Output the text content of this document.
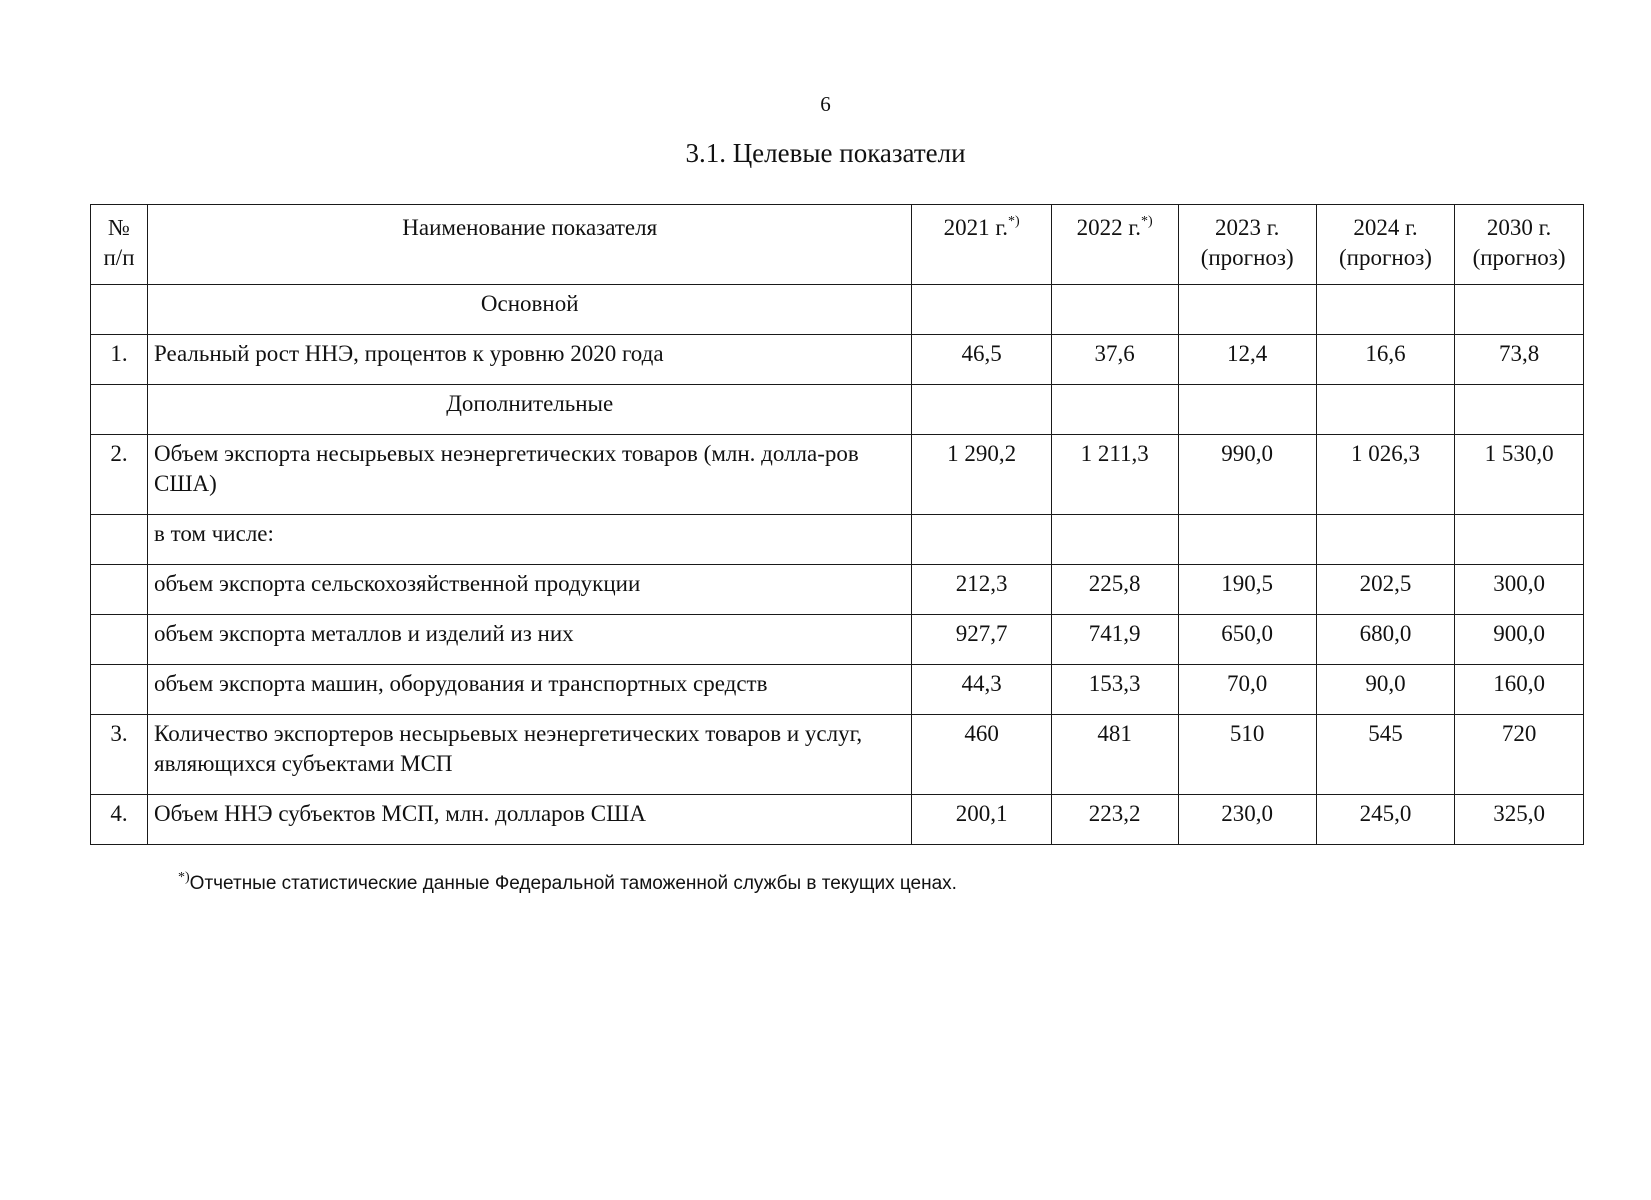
6
3.1. Целевые показатели
№ п/п	Наименование показателя	2021 г.*)	2022 г.*)	2023 г. (прогноз)	2024 г. (прогноз)	2030 г. (прогноз)
	Основной					
1.	Реальный рост ННЭ, процентов к уровню 2020 года	46,5	37,6	12,4	16,6	73,8
	Дополнительные					
2.	Объем экспорта несырьевых неэнергетических товаров (млн. долла-ров США)	1 290,2	1 211,3	990,0	1 026,3	1 530,0
	в том числе:					
	объем экспорта сельскохозяйственной продукции	212,3	225,8	190,5	202,5	300,0
	объем экспорта металлов и изделий из них	927,7	741,9	650,0	680,0	900,0
	объем экспорта машин, оборудования и транспортных средств	44,3	153,3	70,0	90,0	160,0
3.	Количество экспортеров несырьевых неэнергетических товаров и услуг, являющихся субъектами МСП	460	481	510	545	720
4.	Объем ННЭ субъектов МСП, млн. долларов США	200,1	223,2	230,0	245,0	325,0
*)Отчетные статистические данные Федеральной таможенной службы в текущих ценах.
